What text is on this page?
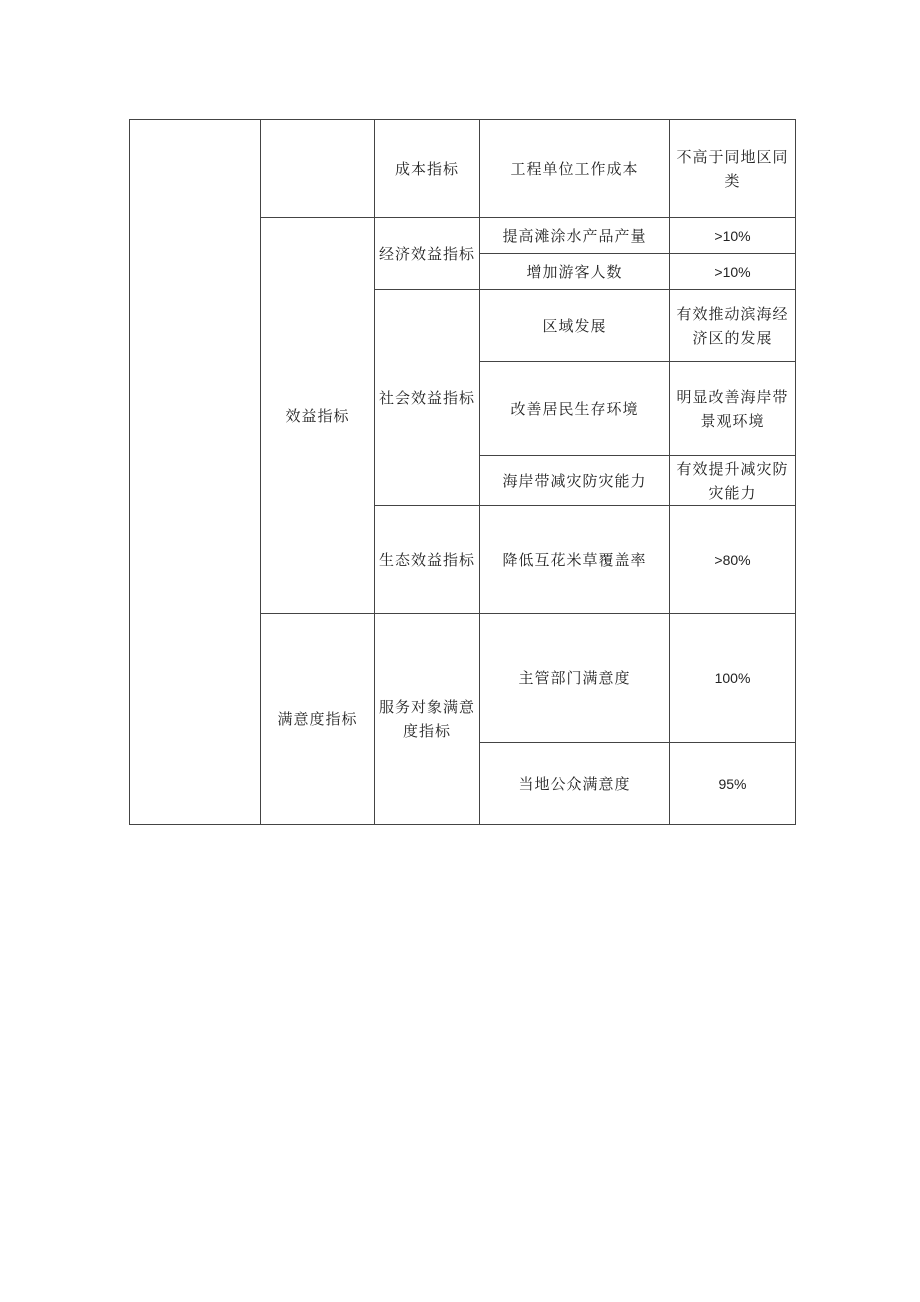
		成本指标	工程单位工作成本	不高于同地区同类
	效益指标	经济效益指标	提高滩涂水产品产量	>10%
			增加游客人数	>10%
		社会效益指标	区域发展	有效推动滨海经济区的发展
			改善居民生存环境	明显改善海岸带景观环境
			海岸带减灾防灾能力	有效提升减灾防灾能力
		生态效益指标	降低互花米草覆盖率	>80%
	满意度指标	服务对象满意度指标	主管部门满意度	100%
			当地公众满意度	95%
